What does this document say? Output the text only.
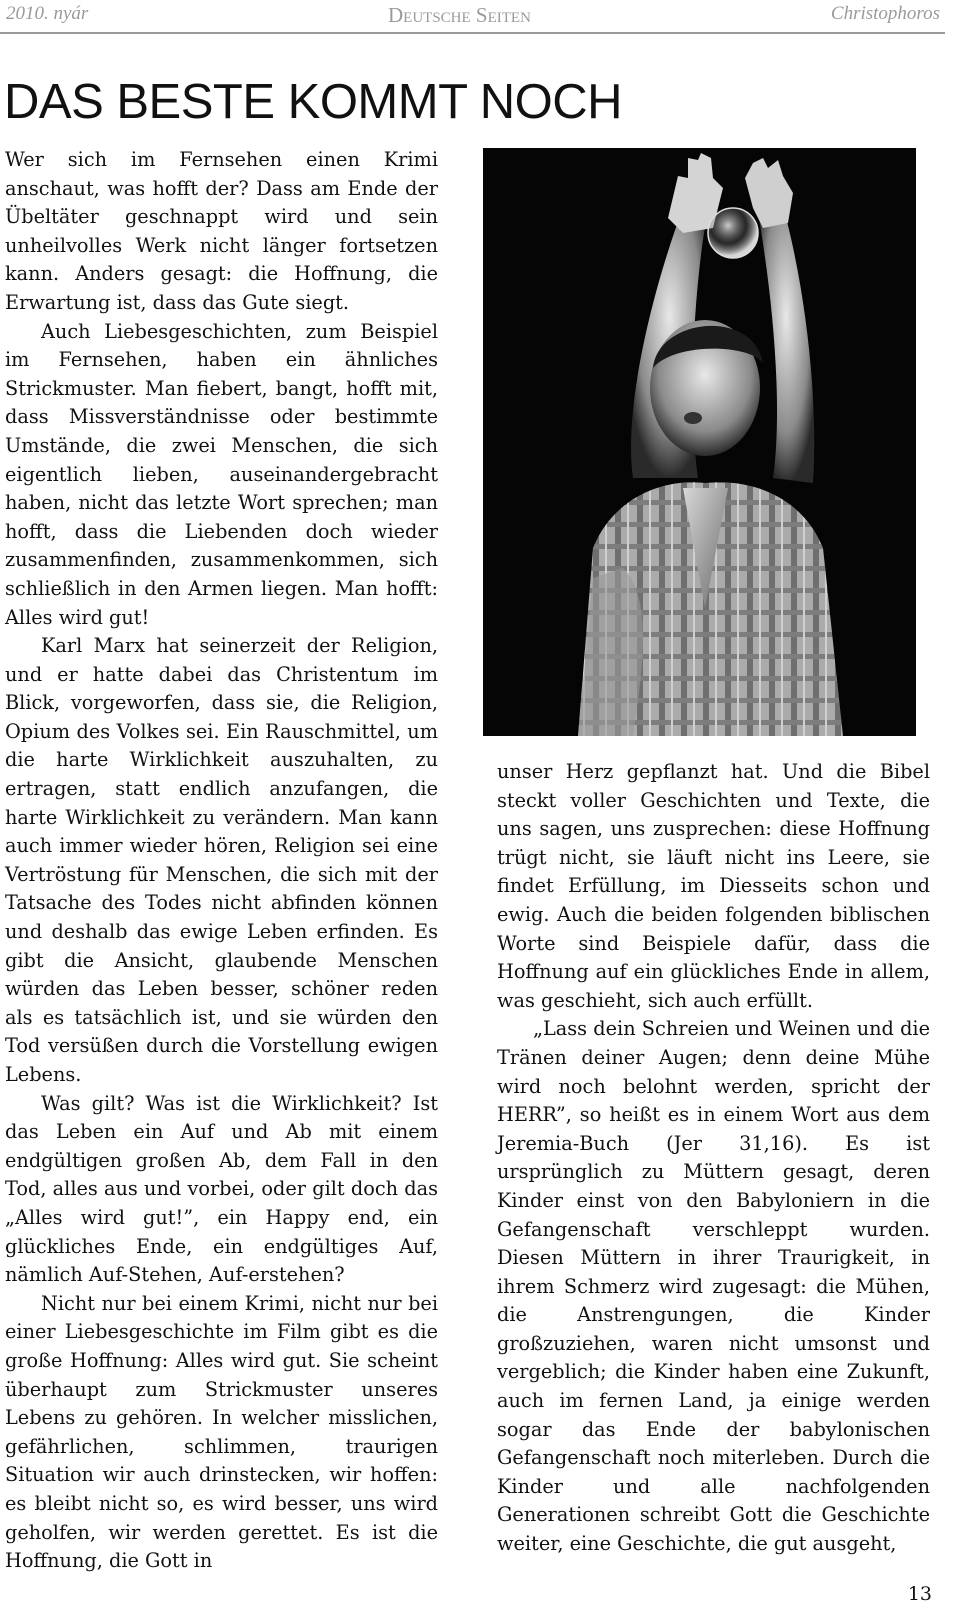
2010. nyár	Deutsche Seiten	Christophoros
DAS BESTE KOMMT NOCH

Wer sich im Fernsehen einen Krimi anschaut, was hofft der? Dass am Ende der Übeltäter geschnappt wird und sein unheilvolles Werk nicht länger fortsetzen kann. Anders gesagt: die Hoffnung, die Erwartung ist, dass das Gute siegt.

Auch Liebesgeschichten, zum Beispiel im Fernsehen, haben ein ähnliches Strickmuster. Man fiebert, bangt, hofft mit, dass Missverständnisse oder bestimmte Umstände, die zwei Menschen, die sich eigentlich lieben, auseinandergebracht haben, nicht das letzte Wort sprechen; man hofft, dass die Liebenden doch wieder zusammenfinden, zusammenkommen, sich schließlich in den Armen liegen. Man hofft: Alles wird gut!

Karl Marx hat seinerzeit der Religion, und er hatte dabei das Christentum im Blick, vorgeworfen, dass sie, die Religion, Opium des Volkes sei. Ein Rauschmittel, um die harte Wirklichkeit auszuhalten, zu ertragen, statt endlich anzufangen, die harte Wirklichkeit zu verändern. Man kann auch immer wieder hören, Religion sei eine Vertröstung für Menschen, die sich mit der Tatsache des Todes nicht abfinden können und deshalb das ewige Leben erfinden. Es gibt die Ansicht, glaubende Menschen würden das Leben besser, schöner reden als es tatsächlich ist, und sie würden den Tod versüßen durch die Vorstellung ewigen Lebens.

Was gilt? Was ist die Wirklichkeit? Ist das Leben ein Auf und Ab mit einem endgültigen großen Ab, dem Fall in den Tod, alles aus und vorbei, oder gilt doch das „Alles wird gut!”, ein Happy end, ein glückliches Ende, ein endgültiges Auf, nämlich Auf-Stehen, Auf-erstehen?

Nicht nur bei einem Krimi, nicht nur bei einer Liebesgeschichte im Film gibt es die große Hoffnung: Alles wird gut. Sie scheint überhaupt zum Strickmuster unseres Lebens zu gehören. In welcher misslichen, gefährlichen, schlimmen, traurigen Situation wir auch drinstecken, wir hoffen: es bleibt nicht so, es wird besser, uns wird geholfen, wir werden gerettet. Es ist die Hoffnung, die Gott in

unser Herz gepflanzt hat. Und die Bibel steckt voller Geschichten und Texte, die uns sagen, uns zusprechen: diese Hoffnung trügt nicht, sie läuft nicht ins Leere, sie findet Erfüllung, im Diesseits schon und ewig. Auch die beiden folgenden biblischen Worte sind Beispiele dafür, dass die Hoffnung auf ein glückliches Ende in allem, was geschieht, sich auch erfüllt.

„Lass dein Schreien und Weinen und die Tränen deiner Augen; denn deine Mühe wird noch belohnt werden, spricht der HERR”, so heißt es in einem Wort aus dem Jeremia-Buch (Jer 31,16). Es ist ursprünglich zu Müttern gesagt, deren Kinder einst von den Babyloniern in die Gefangenschaft verschleppt wurden. Diesen Müttern in ihrer Traurigkeit, in ihrem Schmerz wird zugesagt: die Mühen, die Anstrengungen, die Kinder großzuziehen, waren nicht umsonst und vergeblich; die Kinder haben eine Zukunft, auch im fernen Land, ja einige werden sogar das Ende der babylonischen Gefangenschaft noch miterleben. Durch die Kinder und alle nachfolgenden Generationen schreibt Gott die Geschichte weiter, eine Geschichte, die gut ausgeht,

13
